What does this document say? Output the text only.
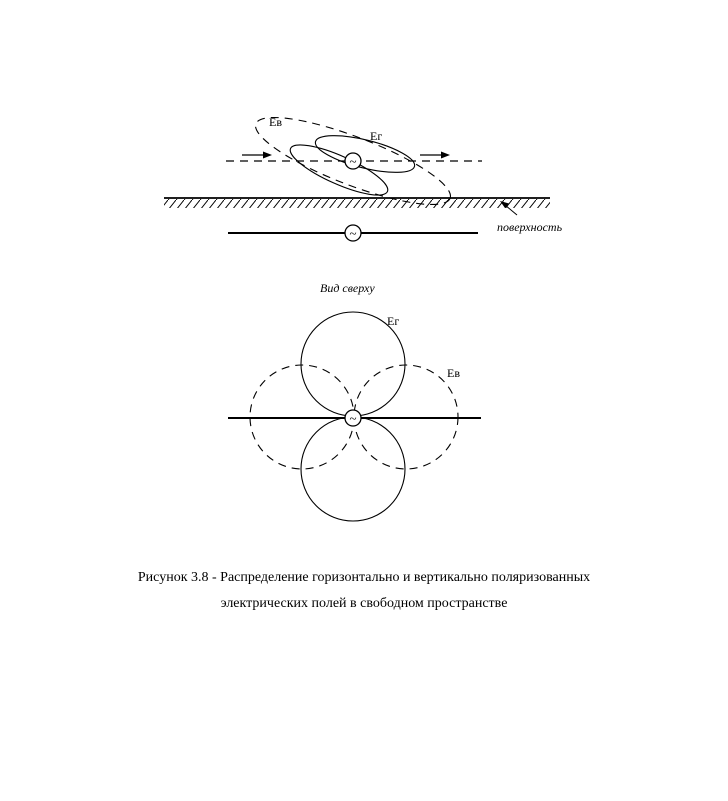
~
Ев
Ег
поверхность
~
Вид сверху
~
Ег
Ев
Рисунок 3.8 - Распределение горизонтально и вертикально поляризованных
электрических полей в свободном пространстве
